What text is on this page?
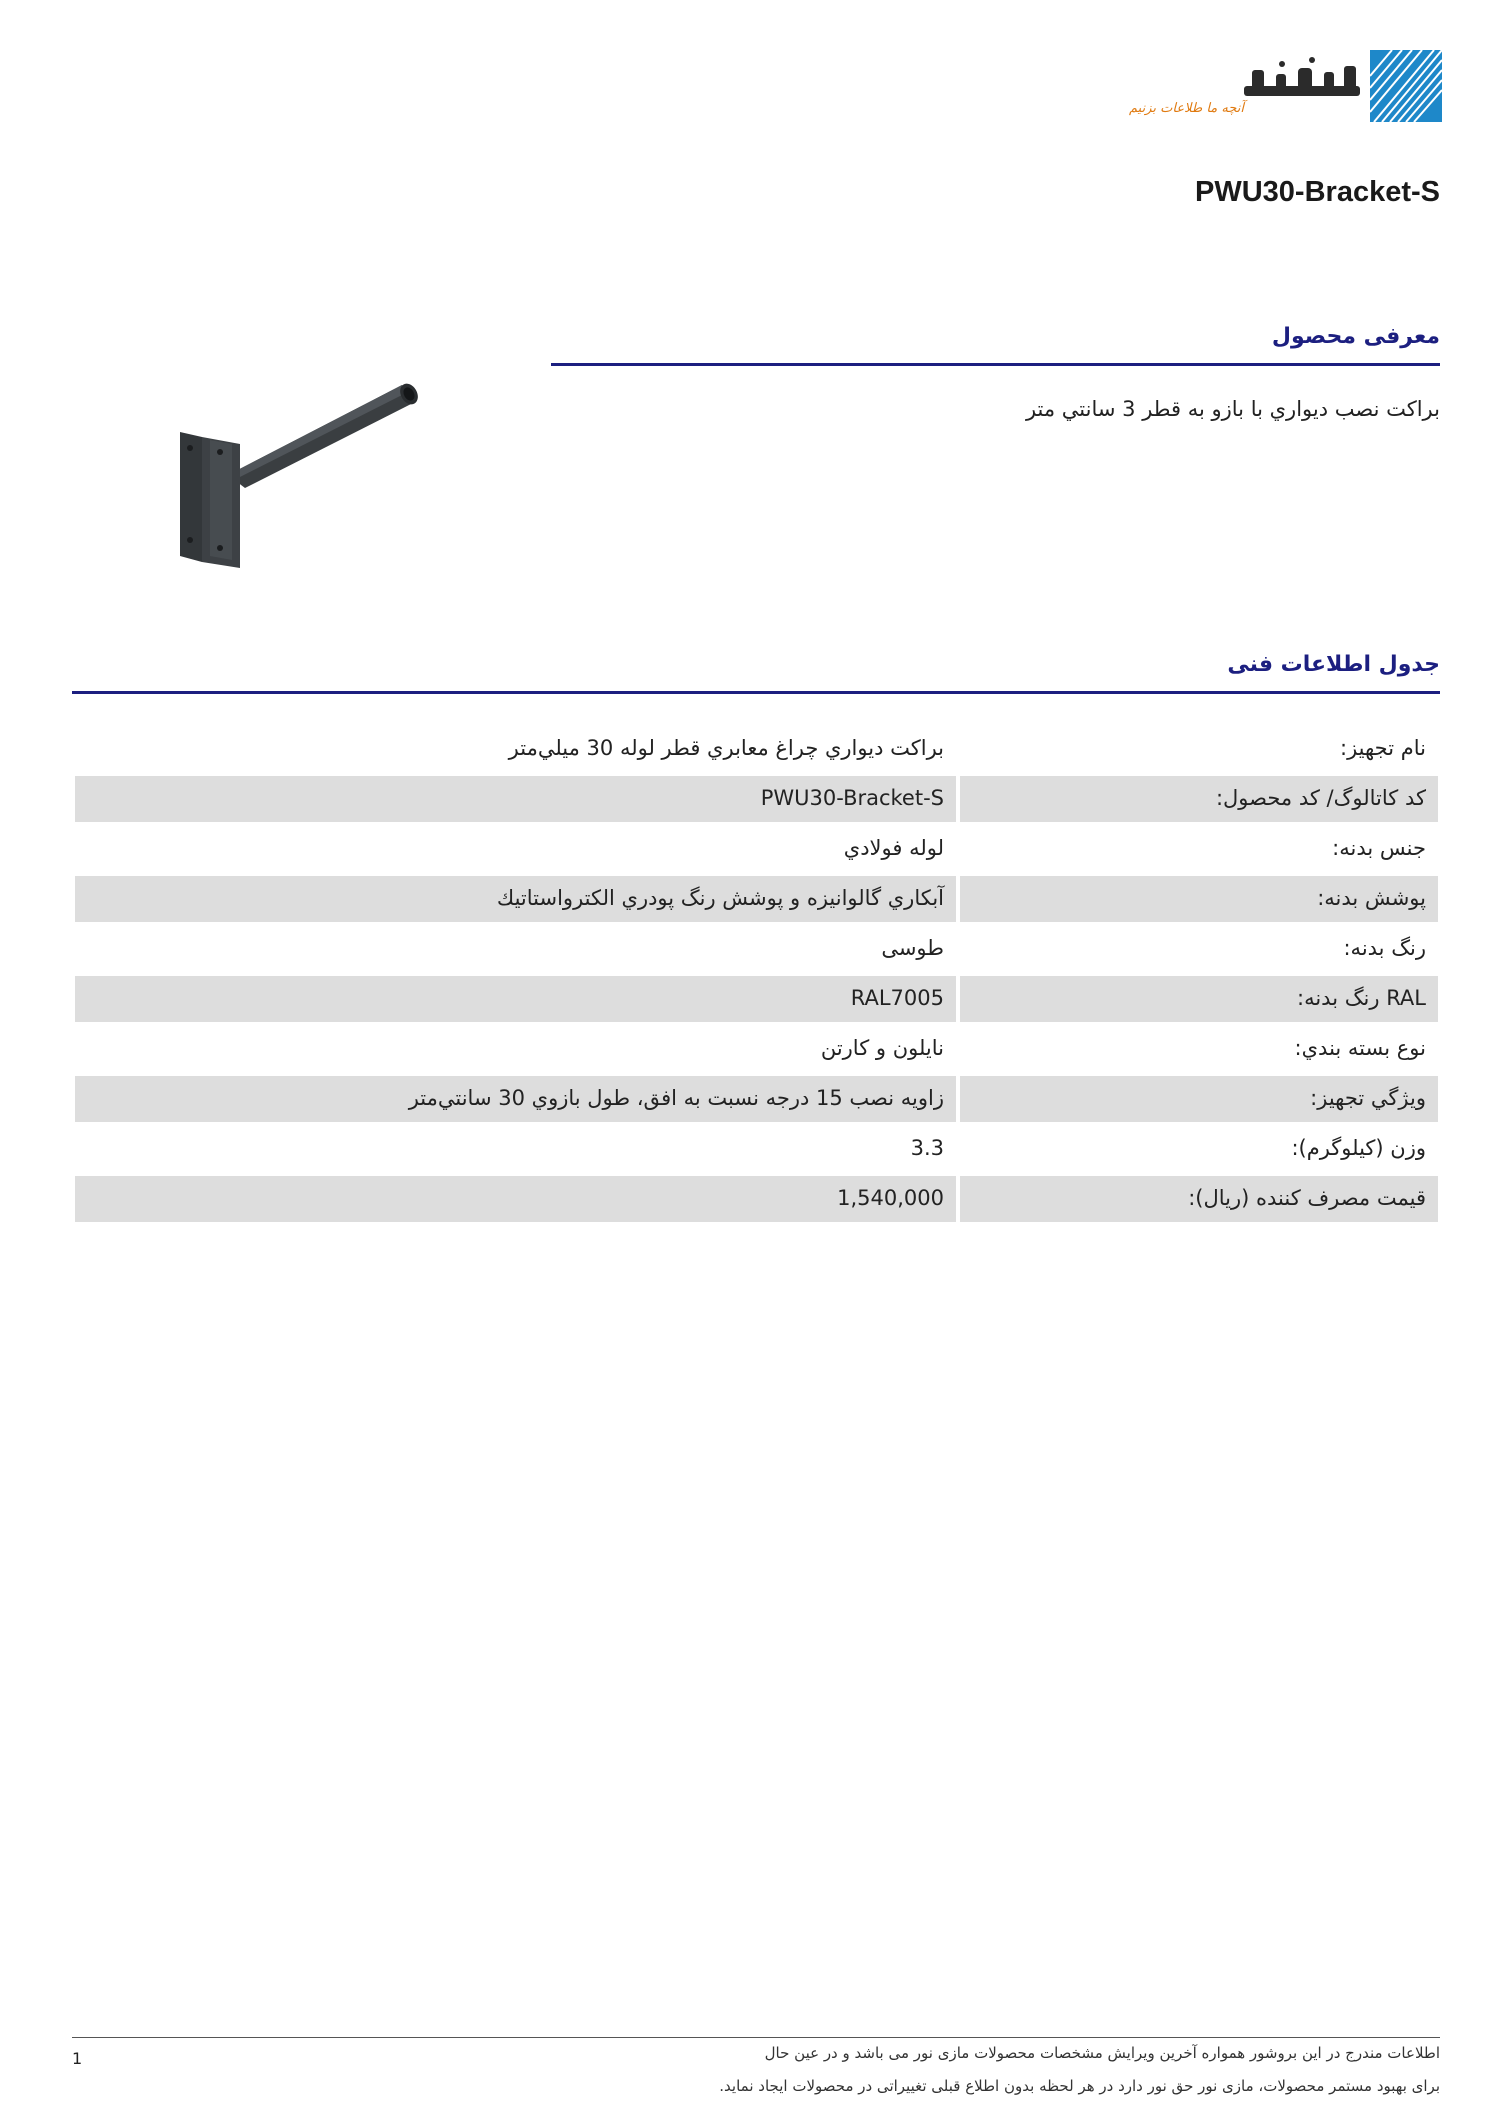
آنچه ما طلاعات بزنیم
PWU30-Bracket-S
معرفی محصول
براكت نصب ديواري با بازو به قطر 3 سانتي متر
جدول اطلاعات فنی
نام تجهيز:
براكت ديواري چراغ معابري قطر لوله 30 ميلي‌متر
کد کاتالوگ/ کد محصول:
PWU30-Bracket-S
جنس بدنه:
لوله فولادي
پوشش بدنه:
آبكاري گالوانيزه و پوشش رنگ پودري الكترواستاتيك
رنگ بدنه:
طوسی
RAL رنگ بدنه:
RAL7005
نوع بسته بندي:
نايلون و كارتن
ويژگي تجهيز:
زاويه نصب 15 درجه نسبت به افق، طول بازوي 30 سانتي‌متر
وزن (کیلوگرم):
3.3
قیمت مصرف کننده (ریال):
1,540,000
1	اطلاعات مندرج در این بروشور همواره آخرین ویرایش مشخصات محصولات مازی نور می باشد و در عین حال
برای بهبود مستمر محصولات، مازی نور حق نور دارد در هر لحظه بدون اطلاع قبلی تغییراتی در محصولات ایجاد نماید.
